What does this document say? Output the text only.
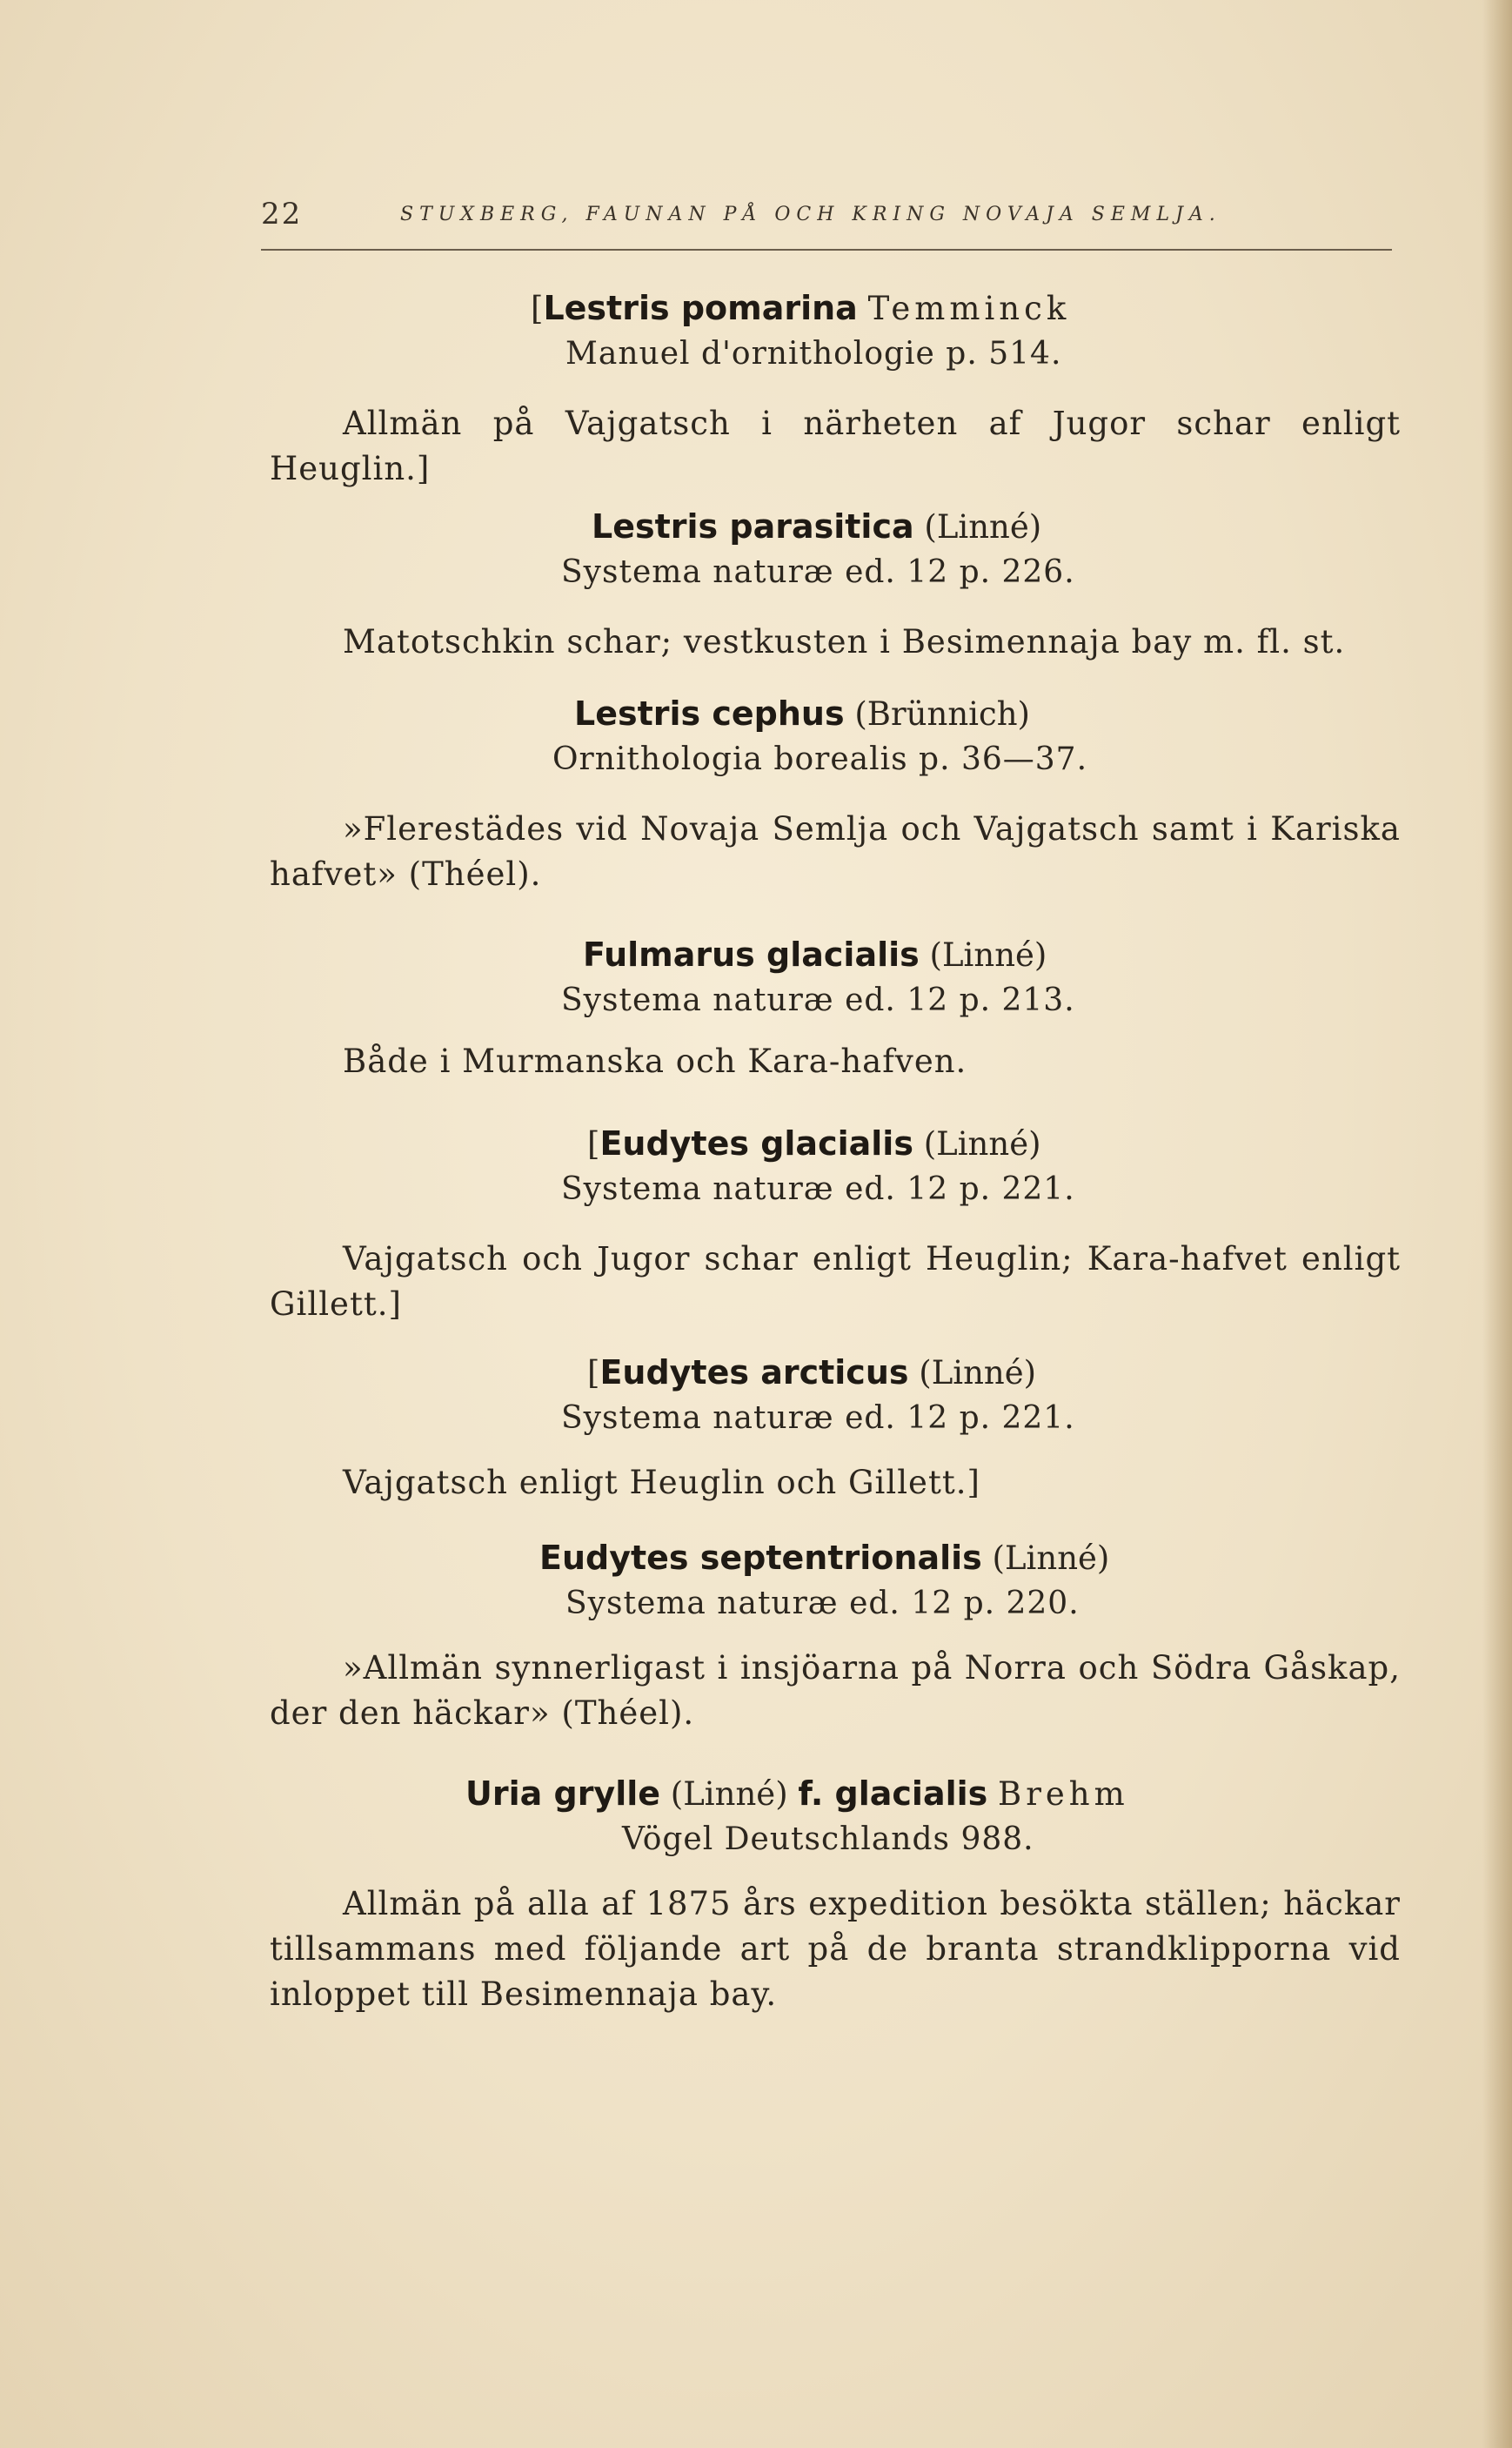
22	STUXBERG, FAUNAN PÅ OCH KRING NOVAJA SEMLJA.
[Lestris pomarina Temminck
Manuel d'ornithologie p. 514.

Allmän på Vajgatsch i närheten af Jugor schar enligt Heuglin.]

Lestris parasitica (Linné)
Systema naturæ ed. 12 p. 226.

Matotschkin schar; vestkusten i Besimennaja bay m. fl. st.

Lestris cephus (Brünnich)
Ornithologia borealis p. 36—37.

»Flerestädes vid Novaja Semlja och Vajgatsch samt i Kariska hafvet» (Théel).

Fulmarus glacialis (Linné)
Systema naturæ ed. 12 p. 213.

Både i Murmanska och Kara-hafven.

[Eudytes glacialis (Linné)
Systema naturæ ed. 12 p. 221.

Vajgatsch och Jugor schar enligt Heuglin; Kara-hafvet enligt Gillett.]

[Eudytes arcticus (Linné)
Systema naturæ ed. 12 p. 221.

Vajgatsch enligt Heuglin och Gillett.]

Eudytes septentrionalis (Linné)
Systema naturæ ed. 12 p. 220.

»Allmän synnerligast i insjöarna på Norra och Södra Gåskap, der den häckar» (Théel).

Uria grylle (Linné) f. glacialis Brehm
Vögel Deutschlands 988.

Allmän på alla af 1875 års expedition besökta ställen; häckar tillsammans med följande art på de branta strandklipporna vid inloppet till Besimennaja bay.
